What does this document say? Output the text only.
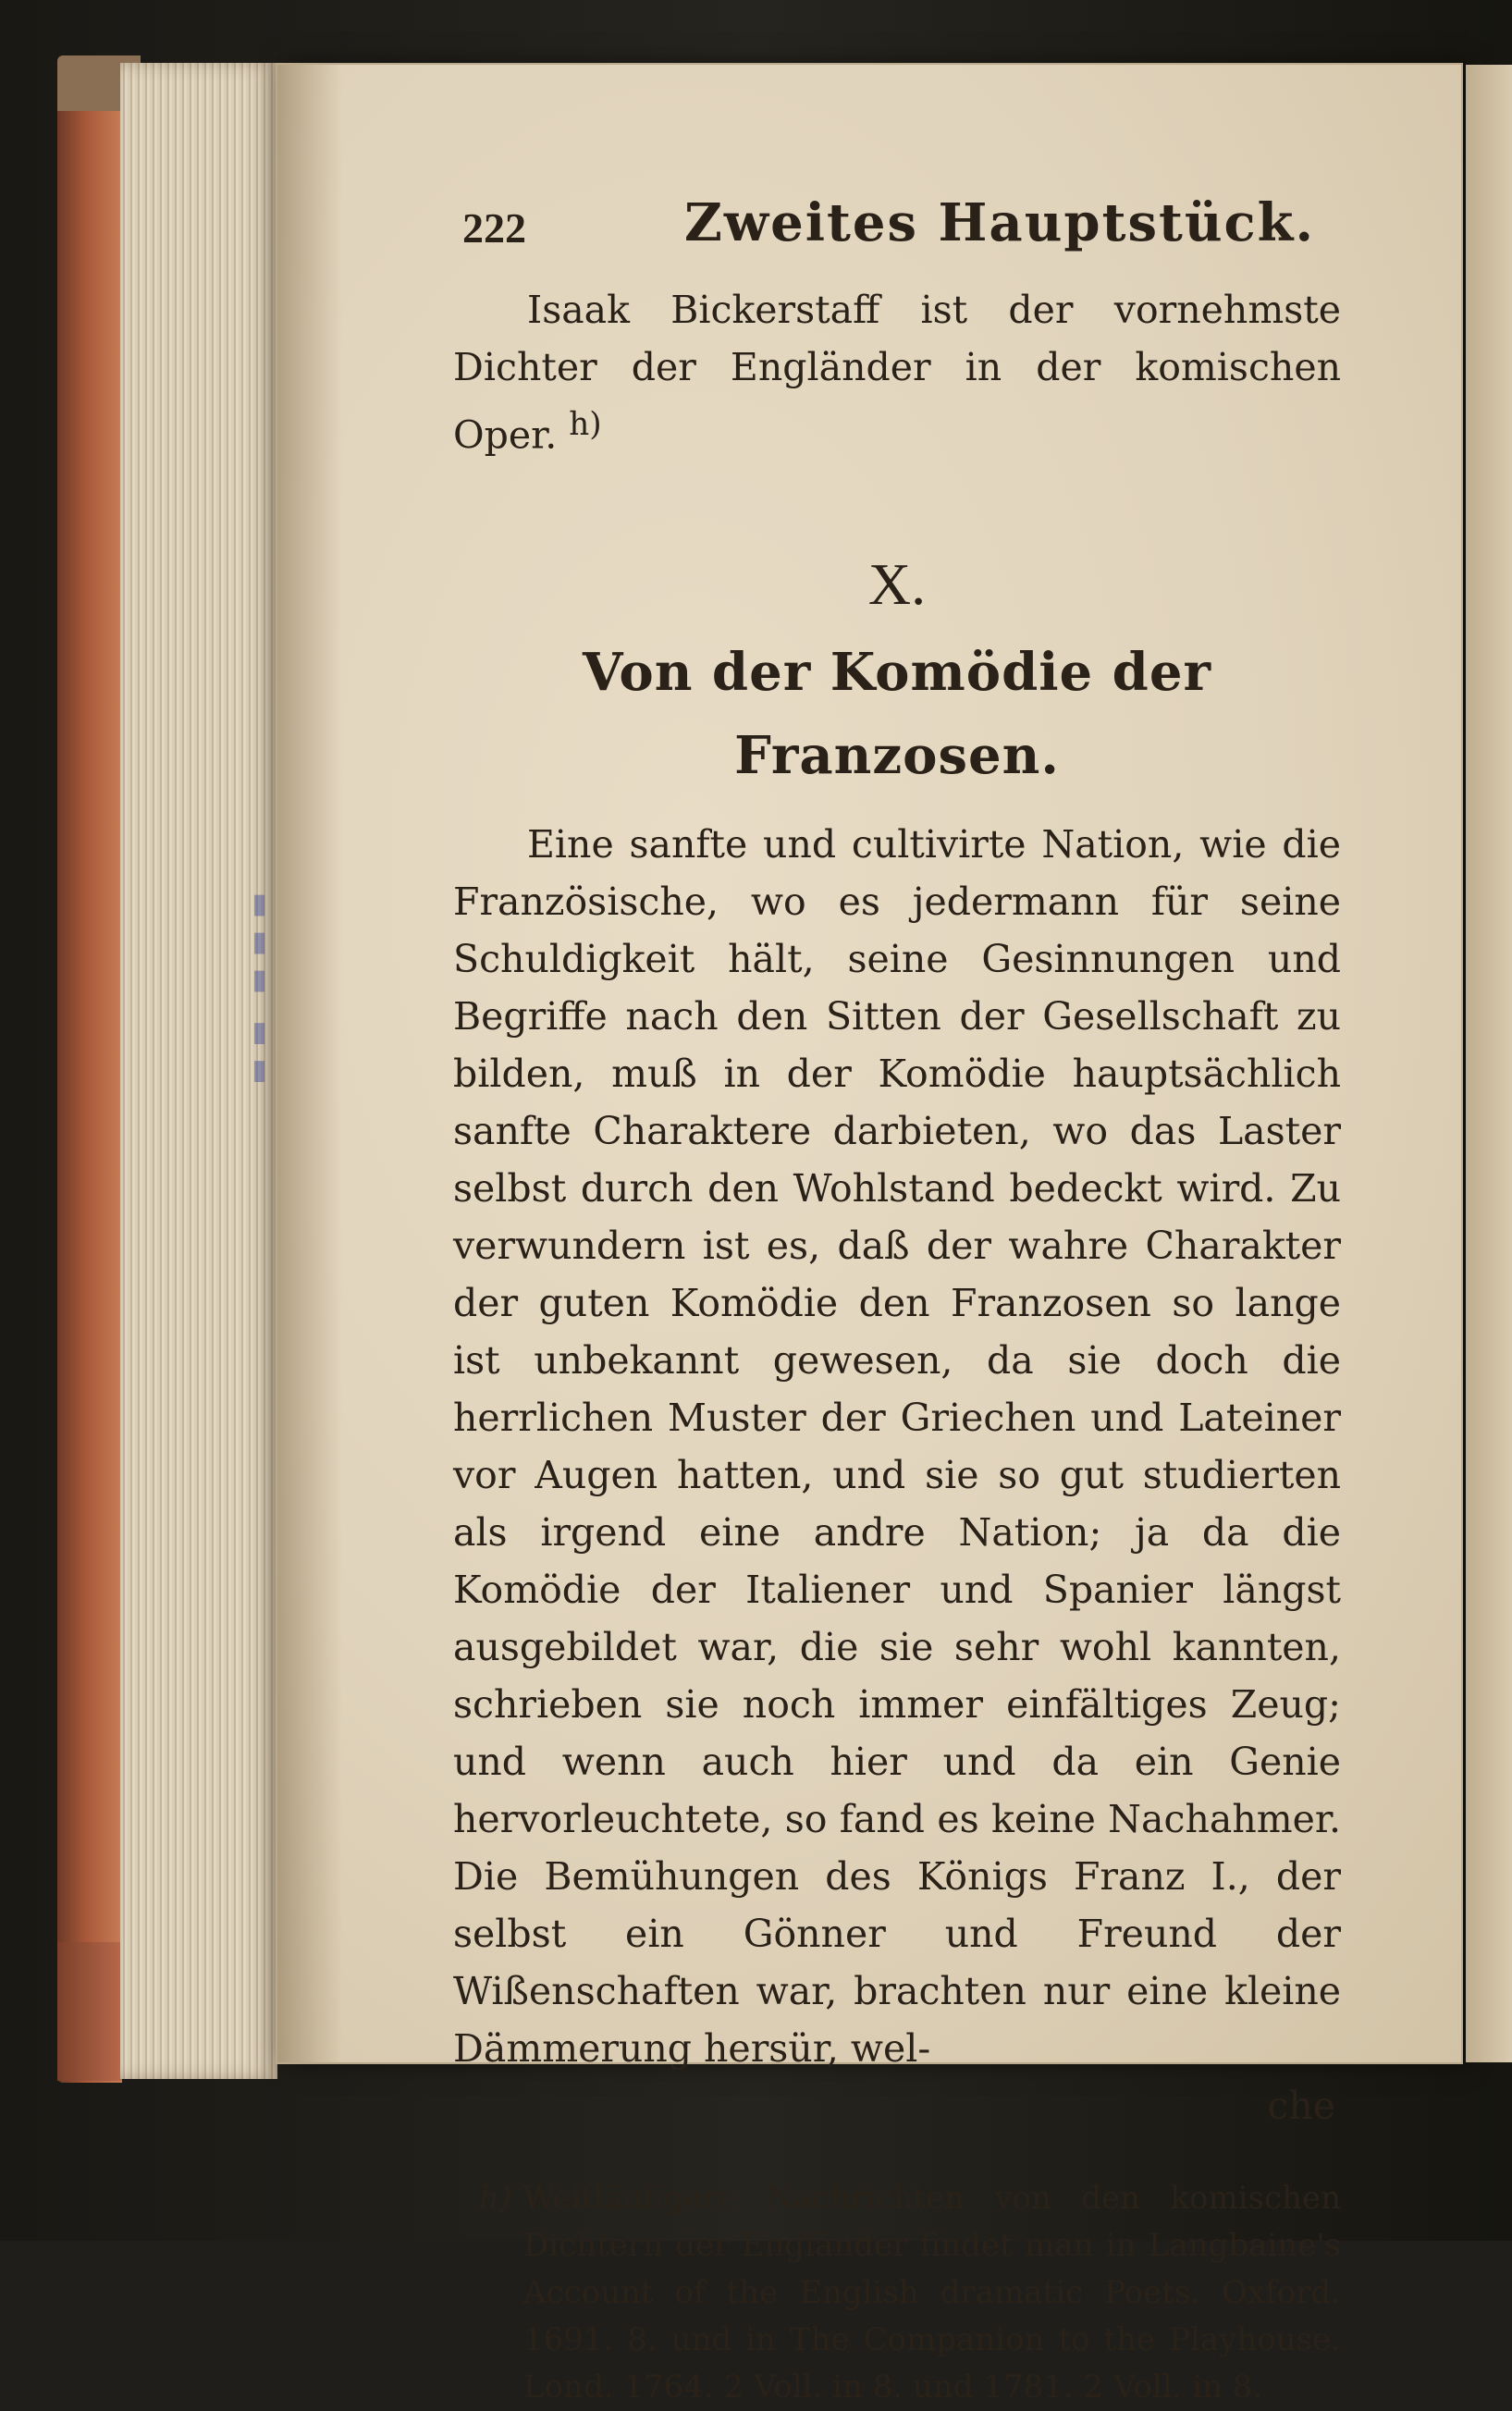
▮▮▮ ▮▮
222	Zweites Hauptstück.

Isaak Bickerstaff ist der vornehmste Dichter der Engländer in der komischen Oper. $^{h)}$

X.
Von der Komödie der Franzosen.

Eine sanfte und cultivirte Nation, wie die Französische, wo es jedermann für seine Schuldigkeit hält, seine Gesinnungen und Begriffe nach den Sitten der Gesellschaft zu bilden, muß in der Komödie hauptsächlich sanfte Charaktere darbieten, wo das Laster selbst durch den Wohlstand bedeckt wird. Zu verwundern ist es, daß der wahre Charakter der guten Komödie den Franzosen so lange ist unbekannt gewesen, da sie doch die herrlichen Muster der Griechen und Lateiner vor Augen hatten, und sie so gut studierten als irgend eine andre Nation; ja da die Komödie der Italiener und Spanier längst ausgebildet war, die sie sehr wohl kannten, schrieben sie noch immer einfältiges Zeug; und wenn auch hier und da ein Genie hervorleuchtete, so fand es keine Nachahmer. Die Bemühungen des Königs Franz I., der selbst ein Gönner und Freund der Wißenschaften war, brachten nur eine kleine Dämmerung hersür, wel-

che

h) Weitläufigere Nachrichten von den komischen Dichtern der Engländer findet man in Langbaine's Account of the English dramatic Poets. Oxford. 1691. 8. und in The Companion to the Playhouse. Lond. 1764. 2 Voll. in 8. und 1781. 2 Voll. in 8.
